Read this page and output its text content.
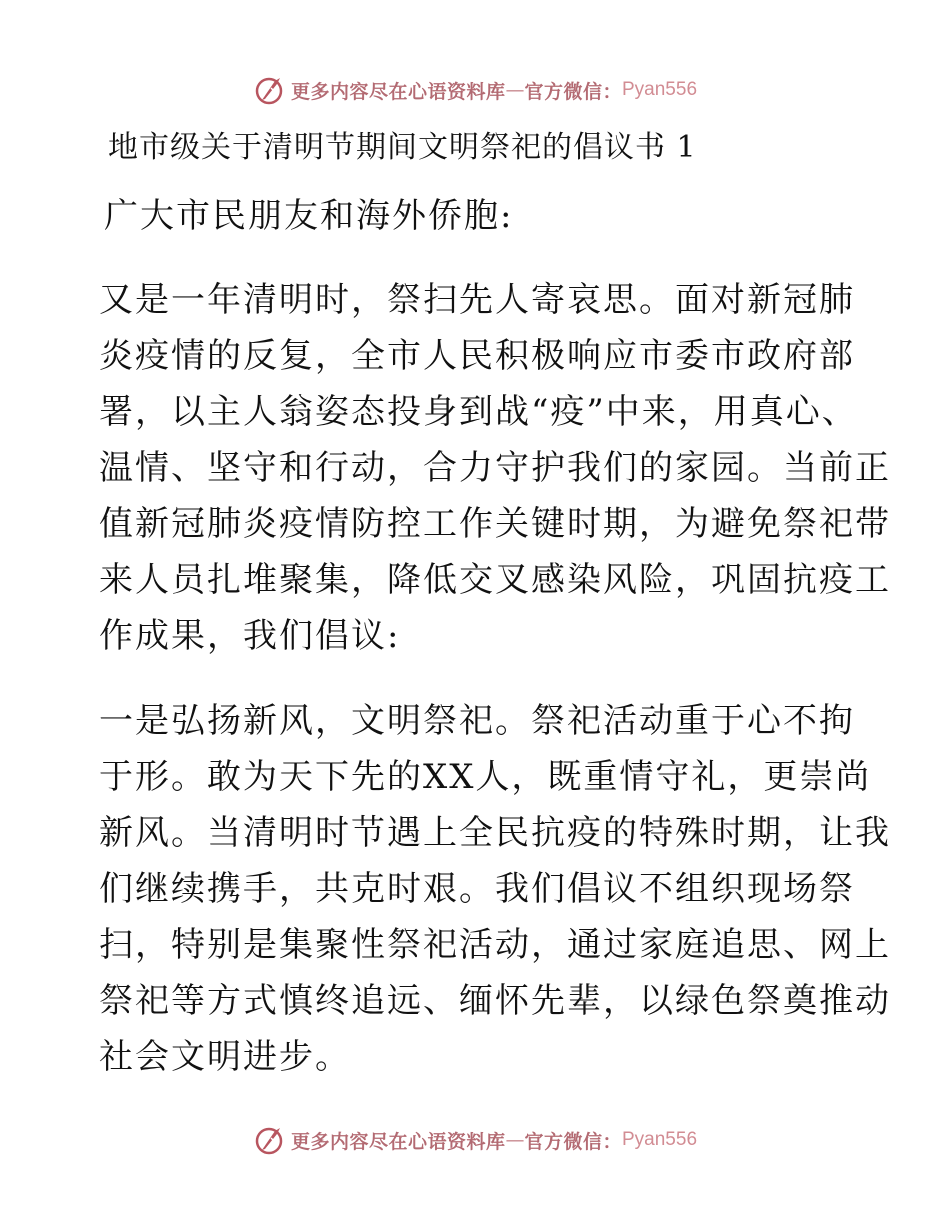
更多内容尽在心语资料库 — 官方微信： Pyan556
地市级关于清明节期间文明祭祀的倡议书 1

广大市民朋友和海外侨胞:

又是一年清明时，祭扫先人寄哀思。面对新冠肺
炎疫情的反复，全市人民积极响应市委市政府部
署，以主人翁姿态投身到战“疫”中来，用真心、
温情、坚守和行动，合力守护我们的家园。当前正
值新冠肺炎疫情防控工作关键时期，为避免祭祀带
来人员扎堆聚集，降低交叉感染风险，巩固抗疫工
作成果，我们倡议:

一是弘扬新风，文明祭祀。祭祀活动重于心不拘
于形。敢为天下先的XX人，既重情守礼，更崇尚
新风。当清明时节遇上全民抗疫的特殊时期，让我
们继续携手，共克时艰。我们倡议不组织现场祭
扫，特别是集聚性祭祀活动，通过家庭追思、网上
祭祀等方式慎终追远、缅怀先辈，以绿色祭奠推动
社会文明进步。

更多内容尽在心语资料库 — 官方微信： Pyan556
